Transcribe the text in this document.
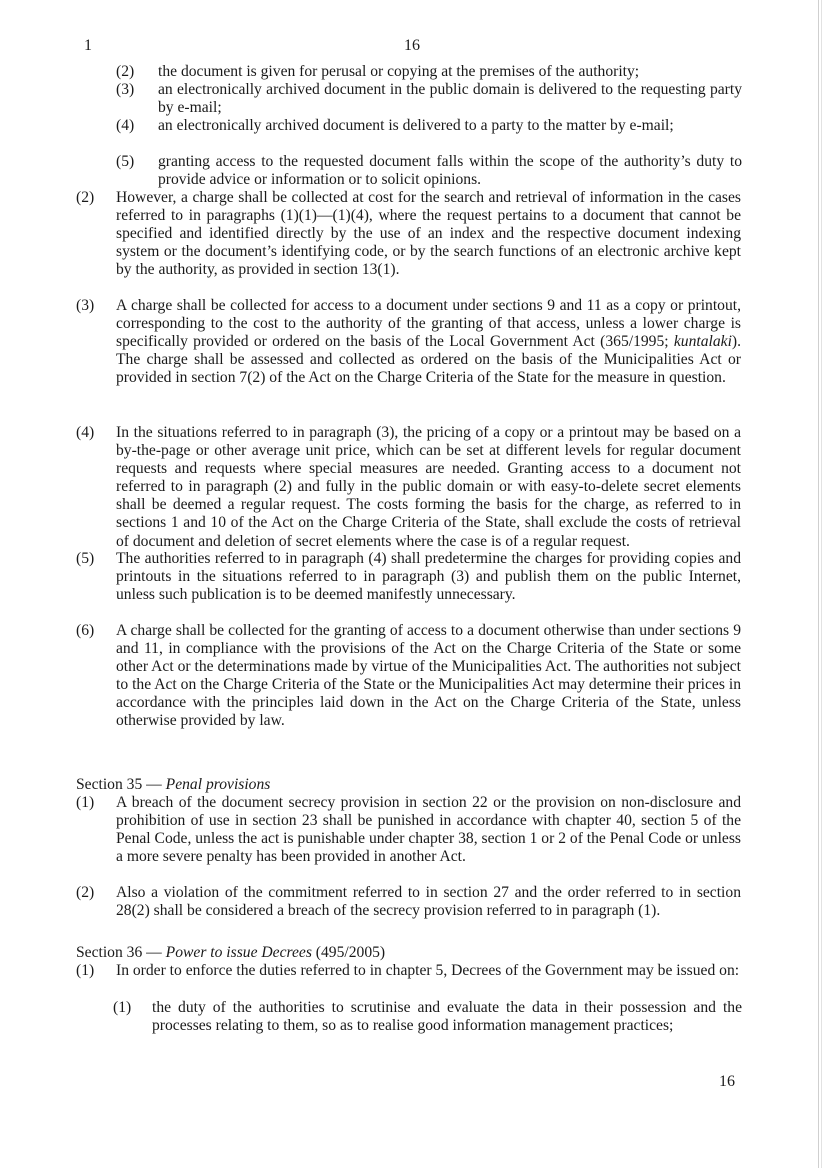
1	16
(2) the document is given for perusal or copying at the premises of the authority;
(3) an electronically archived document in the public domain is delivered to the requesting party by e-mail;
(4) an electronically archived document is delivered to a party to the matter by e-mail;
(5) granting access to the requested document falls within the scope of the authority’s duty to provide advice or information or to solicit opinions.
(2) However, a charge shall be collected at cost for the search and retrieval of information in the cases referred to in paragraphs (1)(1)—(1)(4), where the request pertains to a document that cannot be specified and identified directly by the use of an index and the respective document indexing system or the document’s identifying code, or by the search functions of an electronic archive kept by the authority, as provided in section 13(1).
(3) A charge shall be collected for access to a document under sections 9 and 11 as a copy or printout, corresponding to the cost to the authority of the granting of that access, unless a lower charge is specifically provided or ordered on the basis of the Local Government Act (365/1995; kuntalaki). The charge shall be assessed and collected as ordered on the basis of the Municipalities Act or provided in section 7(2) of the Act on the Charge Criteria of the State for the measure in question.
(4) In the situations referred to in paragraph (3), the pricing of a copy or a printout may be based on a by-the-page or other average unit price, which can be set at different levels for regular document requests and requests where special measures are needed. Granting access to a document not referred to in paragraph (2) and fully in the public domain or with easy-to-delete secret elements shall be deemed a regular request. The costs forming the basis for the charge, as referred to in sections 1 and 10 of the Act on the Charge Criteria of the State, shall exclude the costs of retrieval of document and deletion of secret elements where the case is of a regular request.
(5) The authorities referred to in paragraph (4) shall predetermine the charges for providing copies and printouts in the situations referred to in paragraph (3) and publish them on the public Internet, unless such publication is to be deemed manifestly unnecessary.
(6) A charge shall be collected for the granting of access to a document otherwise than under sections 9 and 11, in compliance with the provisions of the Act on the Charge Criteria of the State or some other Act or the determinations made by virtue of the Municipalities Act. The authorities not subject to the Act on the Charge Criteria of the State or the Municipalities Act may determine their prices in accordance with the principles laid down in the Act on the Charge Criteria of the State, unless otherwise provided by law.
Section 35 — Penal provisions
(1) A breach of the document secrecy provision in section 22 or the provision on non-disclosure and prohibition of use in section 23 shall be punished in accordance with chapter 40, section 5 of the Penal Code, unless the act is punishable under chapter 38, section 1 or 2 of the Penal Code or unless a more severe penalty has been provided in another Act.
(2) Also a violation of the commitment referred to in section 27 and the order referred to in section 28(2) shall be considered a breach of the secrecy provision referred to in paragraph (1).
Section 36 — Power to issue Decrees (495/2005)
(1) In order to enforce the duties referred to in chapter 5, Decrees of the Government may be issued on:
(1) the duty of the authorities to scrutinise and evaluate the data in their possession and the processes relating to them, so as to realise good information management practices;
16
